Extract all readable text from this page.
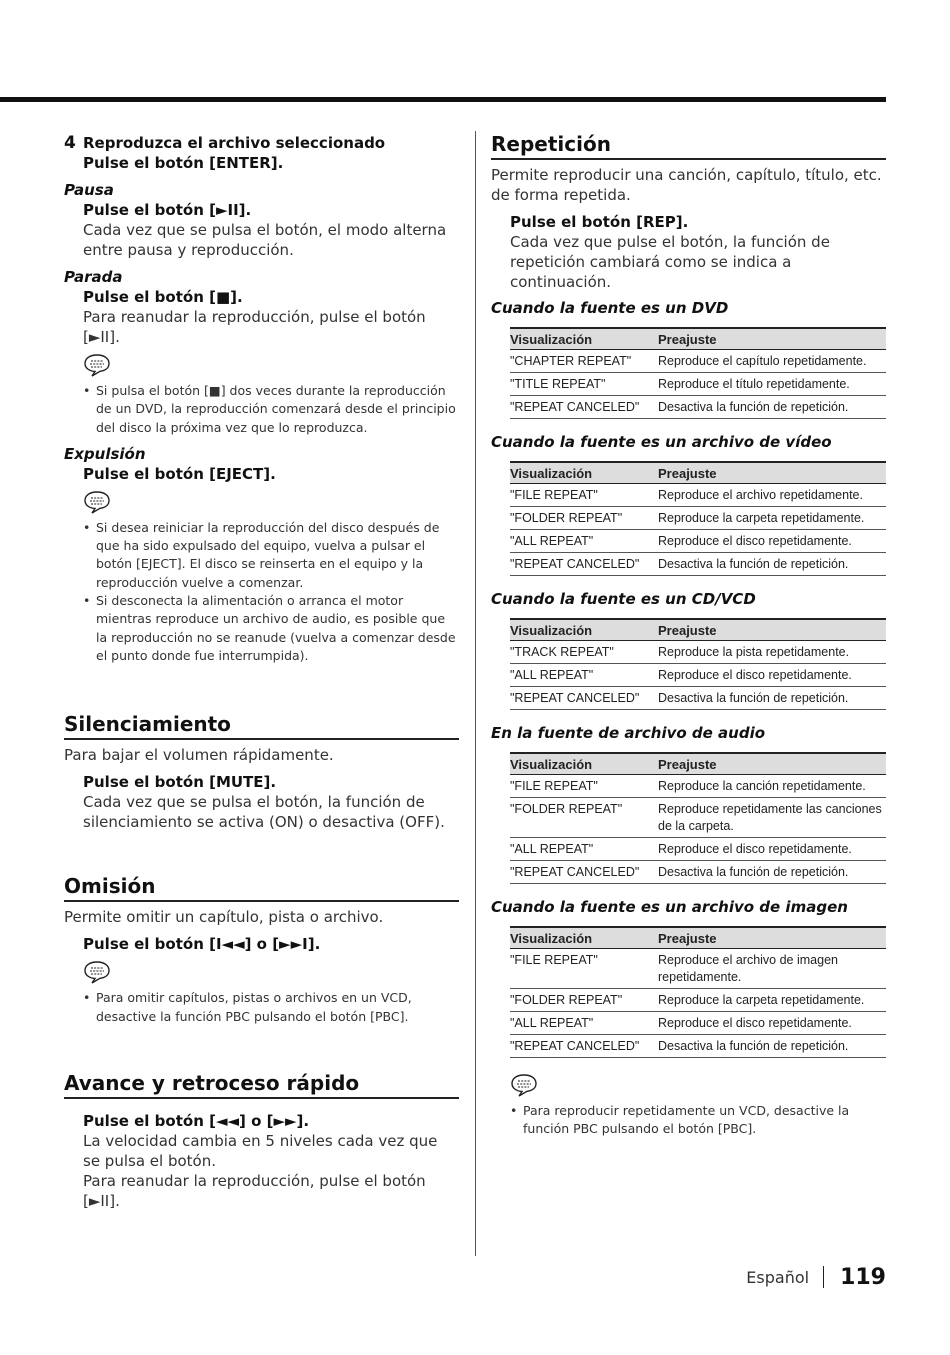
4 Reproduzca el archivo seleccionado
Pulse el botón [ENTER].
Pausa
Pulse el botón [►II].
Cada vez que se pulsa el botón, el modo alterna entre pausa y reproducción.
Parada
Pulse el botón [■].
Para reanudar la reproducción, pulse el botón [►II].
• Si pulsa el botón [■] dos veces durante la reproducción de un DVD, la reproducción comenzará desde el principio del disco la próxima vez que lo reproduzca.
Expulsión
Pulse el botón [EJECT].
• Si desea reiniciar la reproducción del disco después de que ha sido expulsado del equipo, vuelva a pulsar el botón [EJECT]. El disco se reinserta en el equipo y la reproducción vuelve a comenzar.
• Si desconecta la alimentación o arranca el motor mientras reproduce un archivo de audio, es posible que la reproducción no se reanude (vuelva a comenzar desde el punto donde fue interrumpida).
Silenciamiento
Para bajar el volumen rápidamente.
Pulse el botón [MUTE].
Cada vez que se pulsa el botón, la función de silenciamiento se activa (ON) o desactiva (OFF).
Omisión
Permite omitir un capítulo, pista o archivo.
Pulse el botón [I◄◄] o [►►I].
• Para omitir capítulos, pistas o archivos en un VCD, desactive la función PBC pulsando el botón [PBC].
Avance y retroceso rápido
Pulse el botón [◄◄] o [►►].
La velocidad cambia en 5 niveles cada vez que se pulsa el botón.
Para reanudar la reproducción, pulse el botón [►II].
Repetición
Permite reproducir una canción, capítulo, título, etc. de forma repetida.
Pulse el botón [REP].
Cada vez que pulse el botón, la función de repetición cambiará como se indica a continuación.
Cuando la fuente es un DVD
Visualización	Preajuste
"CHAPTER REPEAT"	Reproduce el capítulo repetidamente.
"TITLE REPEAT"	Reproduce el título repetidamente.
"REPEAT CANCELED"	Desactiva la función de repetición.
Cuando la fuente es un archivo de vídeo
Visualización	Preajuste
"FILE REPEAT"	Reproduce el archivo repetidamente.
"FOLDER REPEAT"	Reproduce la carpeta repetidamente.
"ALL REPEAT"	Reproduce el disco repetidamente.
"REPEAT CANCELED"	Desactiva la función de repetición.
Cuando la fuente es un CD/VCD
Visualización	Preajuste
"TRACK REPEAT"	Reproduce la pista repetidamente.
"ALL REPEAT"	Reproduce el disco repetidamente.
"REPEAT CANCELED"	Desactiva la función de repetición.
En la fuente de archivo de audio
Visualización	Preajuste
"FILE REPEAT"	Reproduce la canción repetidamente.
"FOLDER REPEAT"	Reproduce repetidamente las canciones de la carpeta.
"ALL REPEAT"	Reproduce el disco repetidamente.
"REPEAT CANCELED"	Desactiva la función de repetición.
Cuando la fuente es un archivo de imagen
Visualización	Preajuste
"FILE REPEAT"	Reproduce el archivo de imagen repetidamente.
"FOLDER REPEAT"	Reproduce la carpeta repetidamente.
"ALL REPEAT"	Reproduce el disco repetidamente.
"REPEAT CANCELED"	Desactiva la función de repetición.
• Para reproducir repetidamente un VCD, desactive la función PBC pulsando el botón [PBC].
Español 119
